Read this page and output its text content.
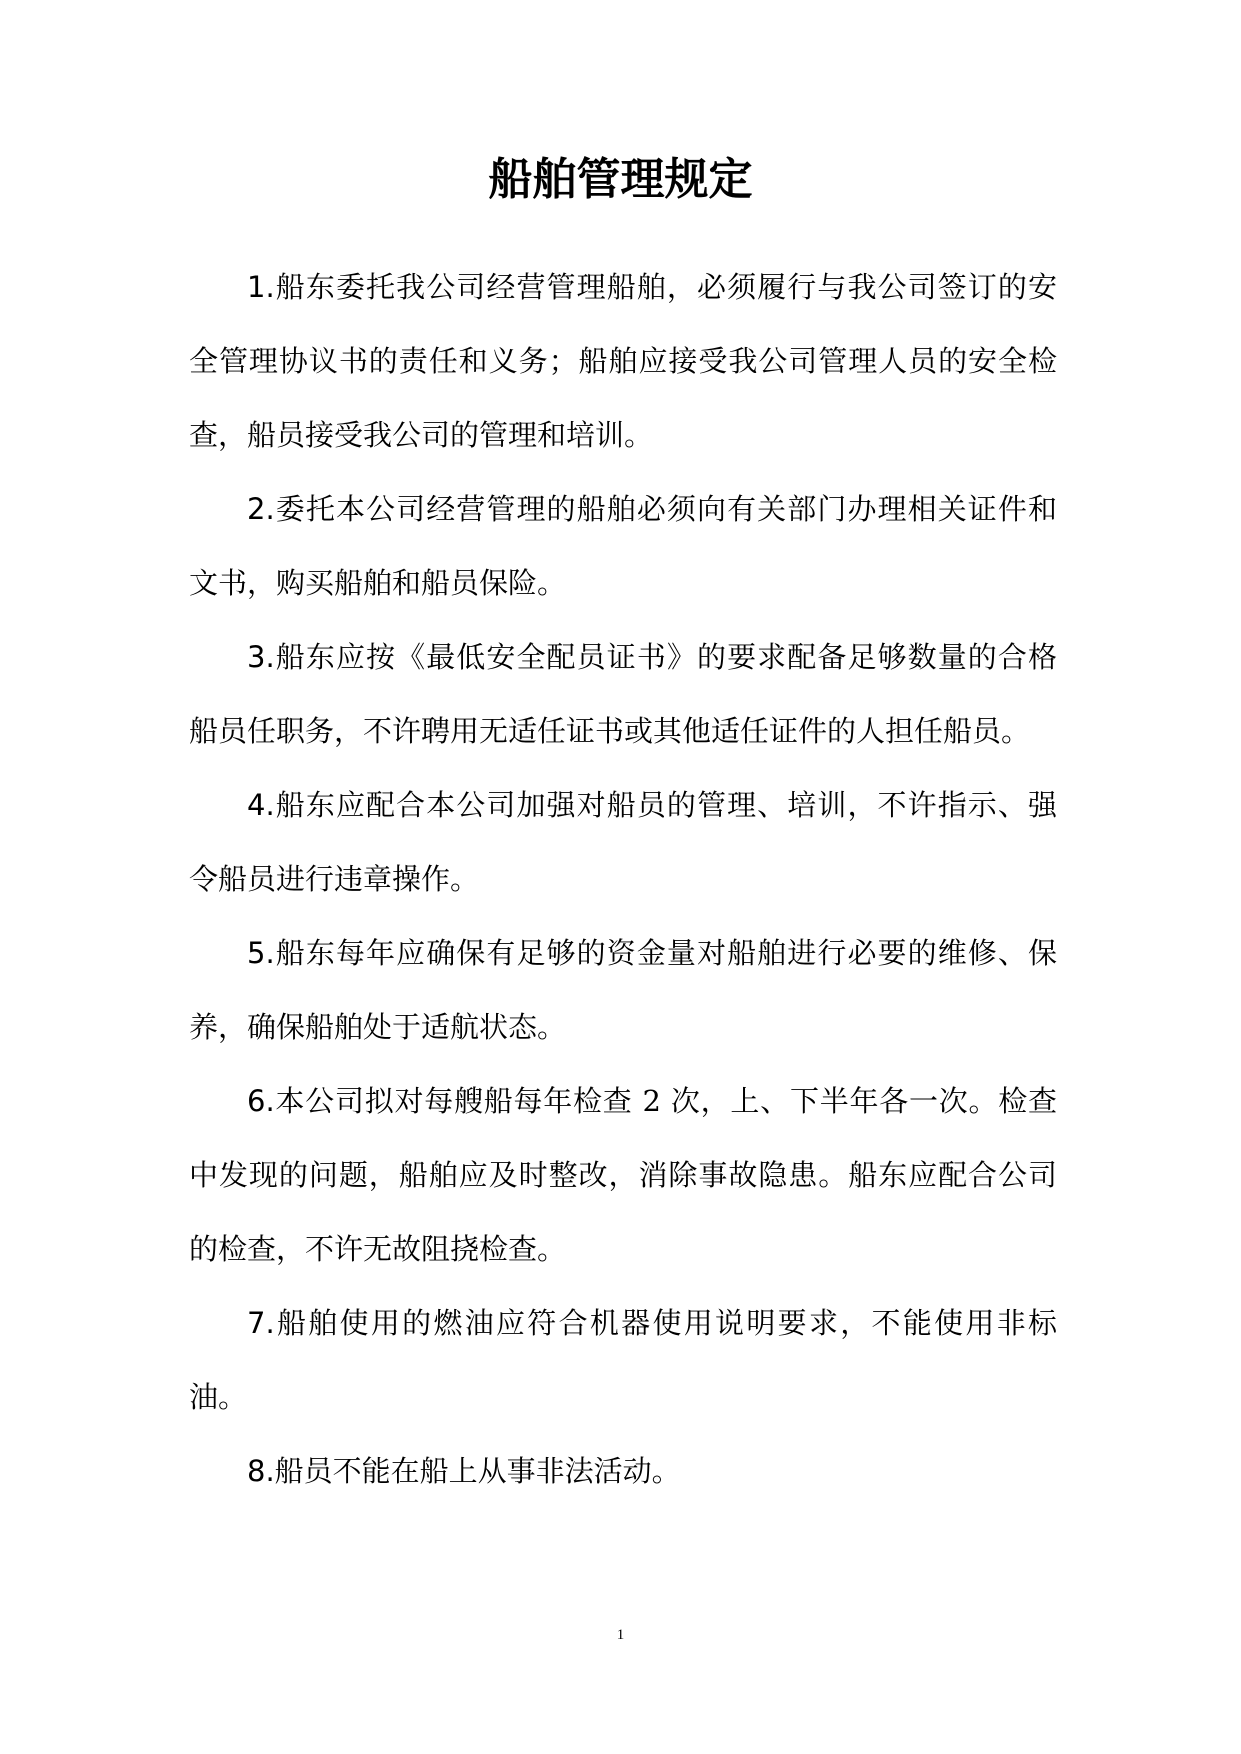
船舶管理规定

1.船东委托我公司经营管理船舶，必须履行与我公司签订的安全管理协议书的责任和义务；船舶应接受我公司管理人员的安全检查，船员接受我公司的管理和培训。

2.委托本公司经营管理的船舶必须向有关部门办理相关证件和文书，购买船舶和船员保险。

3.船东应按《最低安全配员证书》的要求配备足够数量的合格船员任职务，不许聘用无适任证书或其他适任证件的人担任船员。

4.船东应配合本公司加强对船员的管理、培训，不许指示、强令船员进行违章操作。

5.船东每年应确保有足够的资金量对船舶进行必要的维修、保养，确保船舶处于适航状态。

6.本公司拟对每艘船每年检查 2 次，上、下半年各一次。检查中发现的问题，船舶应及时整改，消除事故隐患。船东应配合公司的检查，不许无故阻挠检查。

7.船舶使用的燃油应符合机器使用说明要求，不能使用非标油。

8.船员不能在船上从事非法活动。

1
